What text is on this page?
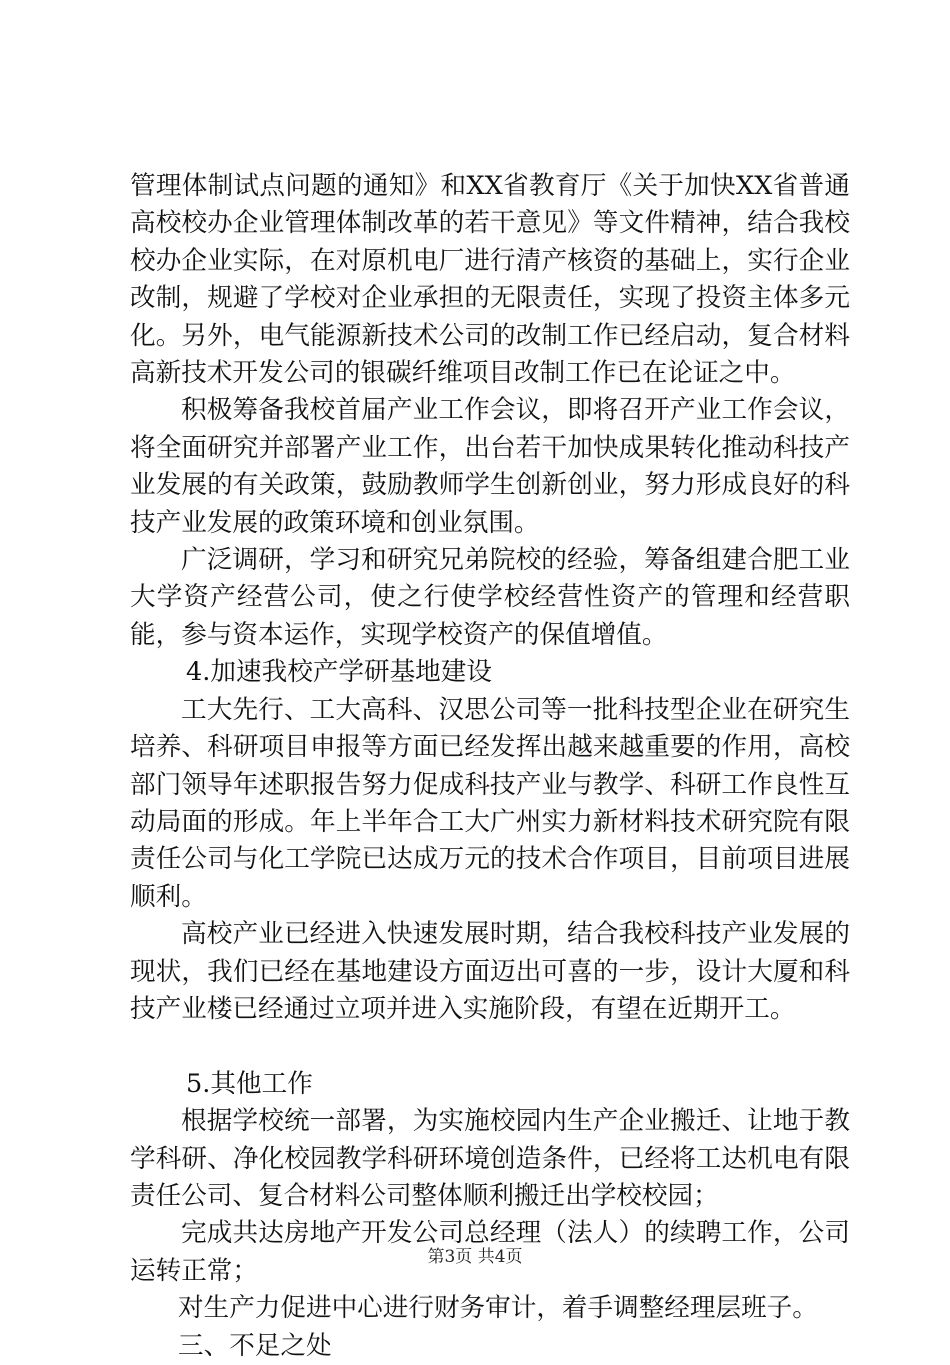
管理体制试点问题的通知》和XX省教育厅《关于加快XX省普通高校校办企业管理体制改革的若干意见》等文件精神，结合我校校办企业实际，在对原机电厂进行清产核资的基础上，实行企业改制，规避了学校对企业承担的无限责任，实现了投资主体多元化。另外，电气能源新技术公司的改制工作已经启动，复合材料高新技术开发公司的银碳纤维项目改制工作已在论证之中。

积极筹备我校首届产业工作会议，即将召开产业工作会议，将全面研究并部署产业工作，出台若干加快成果转化推动科技产业发展的有关政策，鼓励教师学生创新创业，努力形成良好的科技产业发展的政策环境和创业氛围。

广泛调研，学习和研究兄弟院校的经验，筹备组建合肥工业大学资产经营公司，使之行使学校经营性资产的管理和经营职能，参与资本运作，实现学校资产的保值增值。

4.加速我校产学研基地建设

工大先行、工大高科、汉思公司等一批科技型企业在研究生培养、科研项目申报等方面已经发挥出越来越重要的作用，高校部门领导年述职报告努力促成科技产业与教学、科研工作良性互动局面的形成。年上半年合工大广州实力新材料技术研究院有限责任公司与化工学院已达成万元的技术合作项目，目前项目进展顺利。

高校产业已经进入快速发展时期，结合我校科技产业发展的现状，我们已经在基地建设方面迈出可喜的一步，设计大厦和科技产业楼已经通过立项并进入实施阶段，有望在近期开工。

5.其他工作

根据学校统一部署，为实施校园内生产企业搬迁、让地于教学科研、净化校园教学科研环境创造条件，已经将工达机电有限责任公司、复合材料公司整体顺利搬迁出学校校园；

完成共达房地产开发公司总经理（法人）的续聘工作，公司运转正常；

对生产力促进中心进行财务审计，着手调整经理层班子。

三、不足之处

第3页 共4页
